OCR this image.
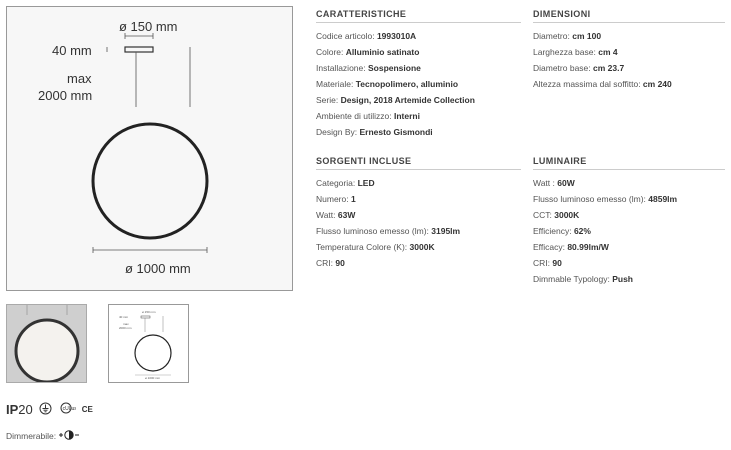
ø 150 mm
40 mm
max
2000 mm
ø 1000 mm
ø 150 mm
40 mm
max
2000 mm
ø 1000 mm
CARATTERISTICHE
Codice articolo: 1993010A
Colore: Alluminio satinato
Installazione: Sospensione
Materiale: Tecnopolimero, alluminio
Serie: Design, 2018 Artemide Collection
Ambiente di utilizzo: Interni
Design By: Ernesto Gismondi
DIMENSIONI
Diametro: cm 100
Larghezza base: cm 4
Diametro base: cm 23.7
Altezza massima dal soffitto: cm 240
SORGENTI INCLUSE
Categoria: LED
Numero: 1
Watt: 63W
Flusso luminoso emesso (lm): 3195lm
Temperatura Colore (K): 3000K
CRI: 90
LUMINAIRE
Watt : 60W
Flusso luminoso emesso (lm): 4859lm
CCT: 3000K
Efficiency: 62%
Efficacy: 80.99lm/W
CRI: 90
Dimmable Typology: Push
IP20	cULus CE
Dimmerabile:
